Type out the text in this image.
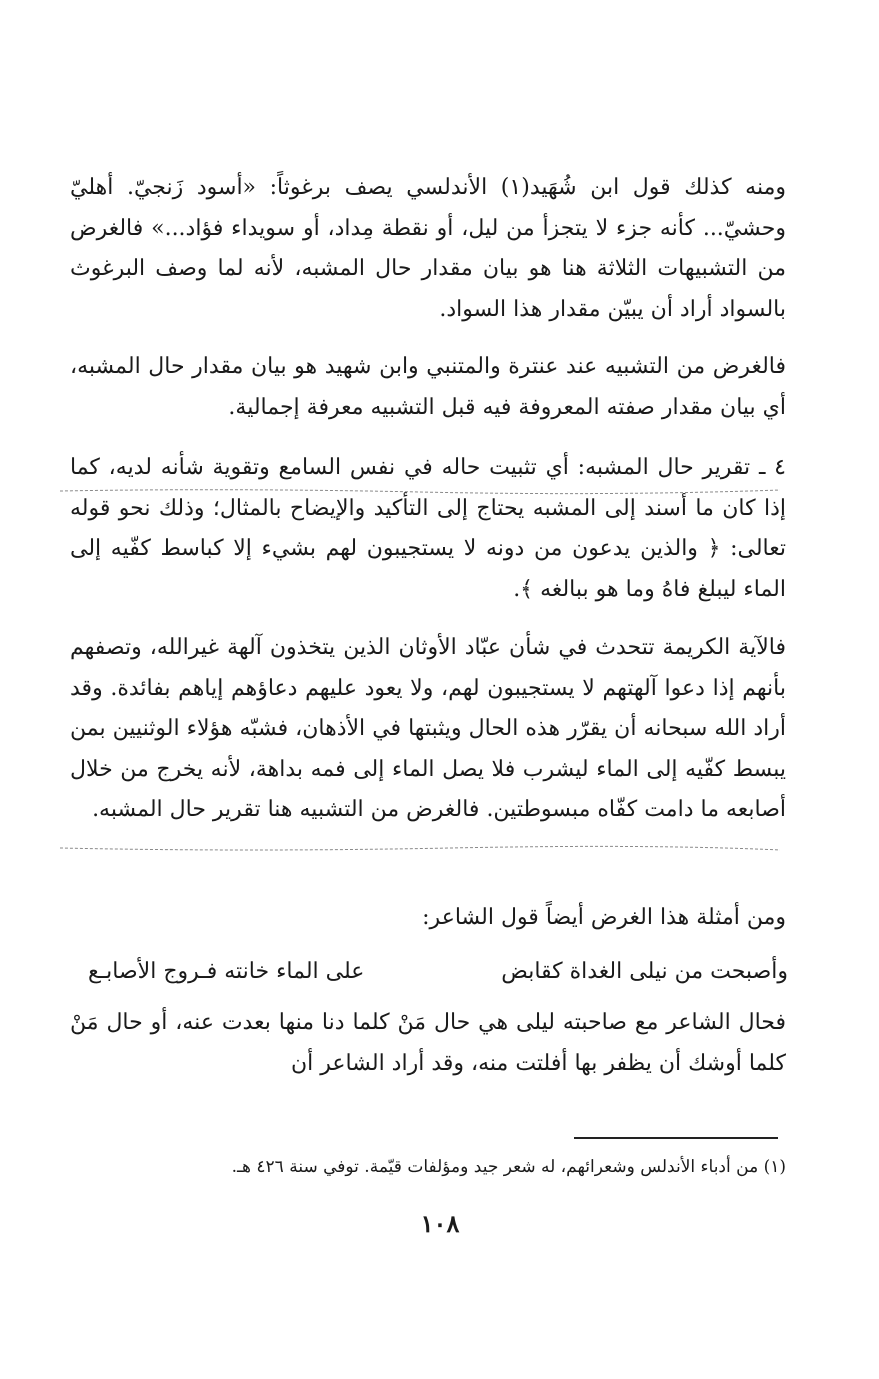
ومنه كذلك قول ابن شُهَيد(١) الأندلسي يصف برغوثاً: «أسود زَنجيّ. أهليّ وحشيّ... كأنه جزء لا يتجزأ من ليل، أو نقطة مِداد، أو سويداء فؤاد...» فالغرض من التشبيهات الثلاثة هنا هو بيان مقدار حال المشبه، لأنه لما وصف البرغوث بالسواد أراد أن يبيّن مقدار هذا السواد.

فالغرض من التشبيه عند عنترة والمتنبي وابن شهيد هو بيان مقدار حال المشبه، أي بيان مقدار صفته المعروفة فيه قبل التشبيه معرفة إجمالية.

٤ ـ تقرير حال المشبه: أي تثبيت حاله في نفس السامع وتقوية شأنه لديه، كما إذا كان ما أسند إلى المشبه يحتاج إلى التأكيد والإيضاح بالمثال؛ وذلك نحو قوله تعالى: ﴿ والذين يدعون من دونه لا يستجيبون لهم بشيء إلا كباسط كفّيه إلى الماء ليبلغ فاهُ وما هو ببالغه ﴾.

فالآية الكريمة تتحدث في شأن عبّاد الأوثان الذين يتخذون آلهة غيرالله، وتصفهم بأنهم إذا دعوا آلهتهم لا يستجيبون لهم، ولا يعود عليهم دعاؤهم إياهم بفائدة. وقد أراد الله سبحانه أن يقرّر هذه الحال ويثبتها في الأذهان، فشبّه هؤلاء الوثنيين بمن يبسط كفّيه إلى الماء ليشرب فلا يصل الماء إلى فمه بداهة، لأنه يخرج من خلال أصابعه ما دامت كفّاه مبسوطتين. فالغرض من التشبيه هنا تقرير حال المشبه.

ومن أمثلة هذا الغرض أيضاً قول الشاعر:

وأصبحت من نيلى الغداة كقابض
على الماء خانته فـروج الأصابـع

فحال الشاعر مع صاحبته ليلى هي حال مَنْ كلما دنا منها بعدت عنه، أو حال مَنْ كلما أوشك أن يظفر بها أفلتت منه، وقد أراد الشاعر أن

(١) من أدباء الأندلس وشعرائهم، له شعر جيد ومؤلفات قيّمة. توفي سنة ٤٢٦ هـ.

١٠٨
